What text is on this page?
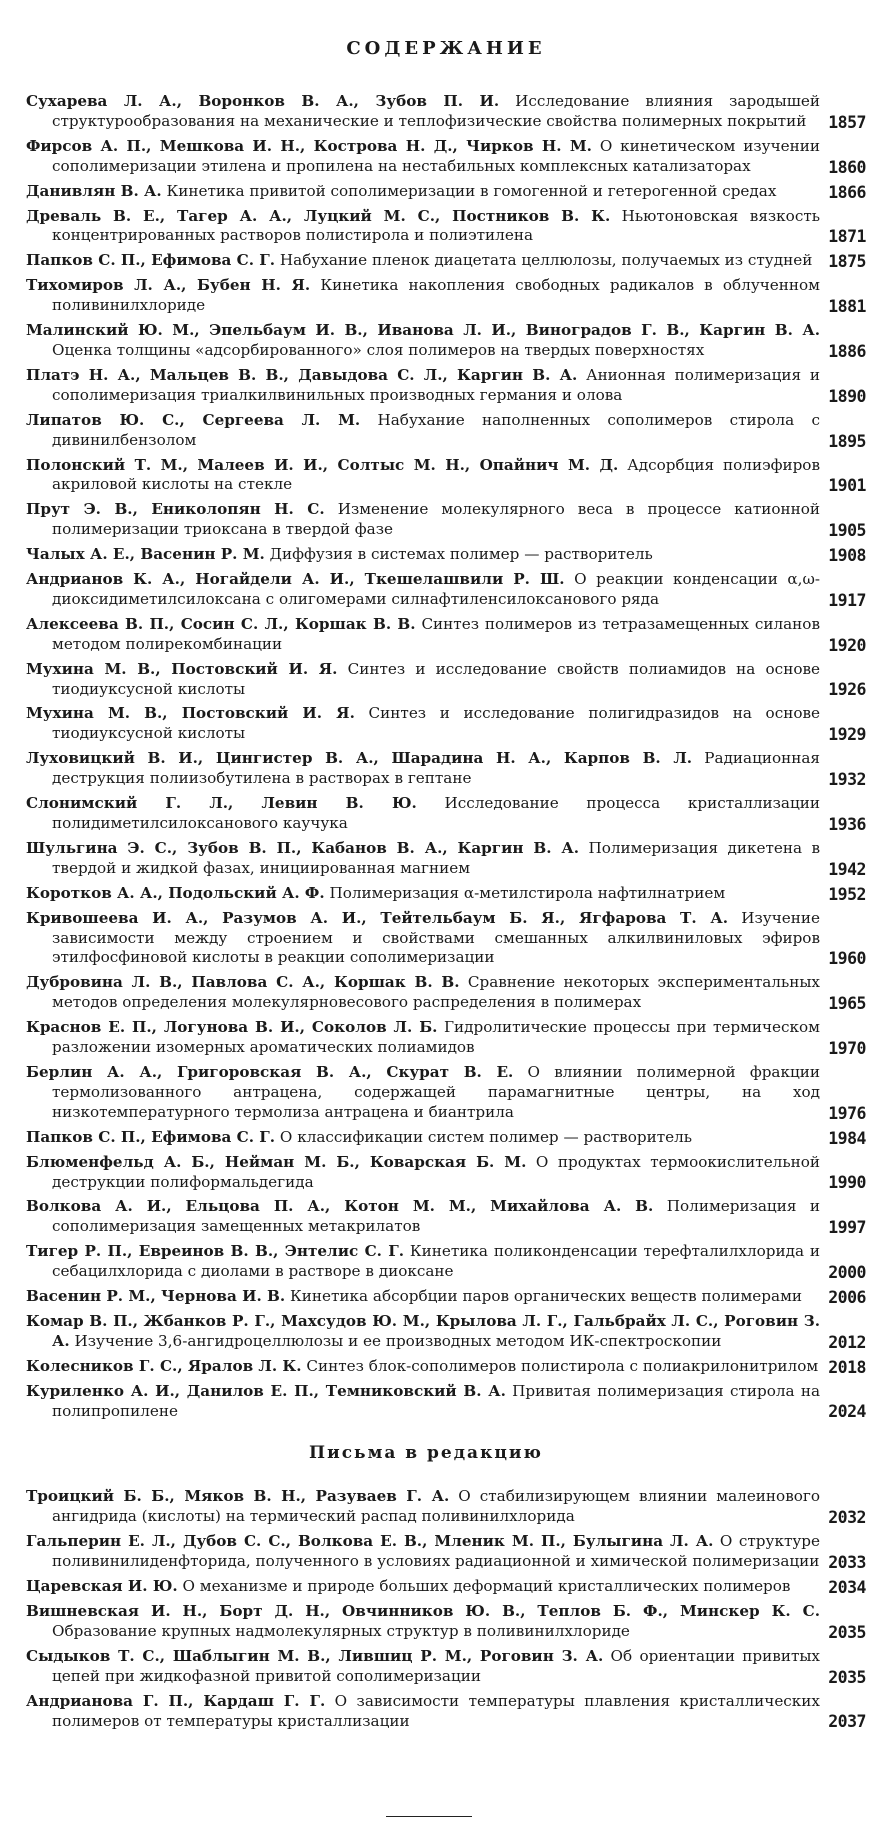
СОДЕРЖАНИЕ
Сухарева Л. А., Воронков В. А., Зубов П. И. Исследование влияния зародышей структурообразования на механические и теплофизические свойства полимерных покрытий	1857
Фирсов А. П., Мешкова И. Н., Кострова Н. Д., Чирков Н. М. О кинетическом изучении сополимеризации этилена и пропилена на нестабильных комплексных катализаторах	1860
Данивлян В. А. Кинетика привитой сополимеризации в гомогенной и гетерогенной средах	1866
Древаль В. Е., Тагер А. А., Луцкий М. С., Постников В. К. Ньютоновская вязкость концентрированных растворов полистирола и полиэтилена	1871
Папков С. П., Ефимова С. Г. Набухание пленок диацетата целлюлозы, получаемых из студней 1875
Тихомиров Л. А., Бубен Н. Я. Кинетика накопления свободных радикалов в облученном поливинилхлориде	1881
Малинский Ю. М., Эпельбаум И. В., Иванова Л. И., Виноградов Г. В., Каргин В. А. Оценка толщины «адсорбированного» слоя полимеров на твердых поверхностях	1886
Платэ Н. А., Мальцев В. В., Давыдова С. Л., Каргин В. А. Анионная полимеризация и сополимеризация триалкилвинильных производных германия и олова	1890
Липатов Ю. С., Сергеева Л. М. Набухание наполненных сополимеров стирола с дивинилбензолом	1895
Полонский Т. М., Малеев И. И., Солтыс М. Н., Опайнич М. Д. Адсорбция полиэфиров акриловой кислоты на стекле	1901
Прут Э. В., Ениколопян Н. С. Изменение молекулярного веса в процессе катионной полимеризации триоксана в твердой фазе	1905
Чалых А. Е., Васенин Р. М. Диффузия в системах полимер — растворитель	1908
Андрианов К. А., Ногайдели А. И., Ткешелашвили Р. Ш. О реакции конденсации α,ω-диоксидиметилсилоксана с олигомерами силнафтиленсилоксанового ряда	1917
Алексеева В. П., Сосин С. Л., Коршак В. В. Синтез полимеров из тетразамещенных силанов методом полирекомбинации	1920
Мухина М. В., Постовский И. Я. Синтез и исследование свойств полиамидов на основе тиодиуксусной кислоты	1926
Мухина М. В., Постовский И. Я. Синтез и исследование полигидразидов на основе тиодиуксусной кислоты	1929
Луховицкий В. И., Цингистер В. А., Шарадина Н. А., Карпов В. Л. Радиационная деструкция полиизобутилена в растворах в гептане	1932
Слонимский Г. Л., Левин В. Ю. Исследование процесса кристаллизации полидиметилсилоксанового каучука	1936
Шульгина Э. С., Зубов В. П., Кабанов В. А., Каргин В. А. Полимеризация дикетена в твердой и жидкой фазах, инициированная магнием	1942
Коротков А. А., Подольский А. Ф. Полимеризация α-метилстирола нафтилнатрием	1952
Кривошеева И. А., Разумов А. И., Тейтельбаум Б. Я., Ягфарова Т. А. Изучение зависимости между строением и свойствами смешанных алкилвиниловых эфиров этилфосфиновой кислоты в реакции сополимеризации	1960
Дубровина Л. В., Павлова С. А., Коршак В. В. Сравнение некоторых экспериментальных методов определения молекулярновесового распределения в полимерах	1965
Краснов Е. П., Логунова В. И., Соколов Л. Б. Гидролитические процессы при термическом разложении изомерных ароматических полиамидов	1970
Берлин А. А., Григоровская В. А., Скурат В. Е. О влиянии полимерной фракции термолизованного антрацена, содержащей парамагнитные центры, на ход низкотемпературного термолиза антрацена и биантрила	1976
Папков С. П., Ефимова С. Г. О классификации систем полимер — растворитель	1984
Блюменфельд А. Б., Нейман М. Б., Коварская Б. М. О продуктах термоокислительной деструкции полиформальдегида	1990
Волкова А. И., Ельцова П. А., Котон М. М., Михайлова А. В. Полимеризация и сополимеризация замещенных метакрилатов	1997
Тигер Р. П., Евреинов В. В., Энтелис С. Г. Кинетика поликонденсации терефталилхлорида и себацилхлорида с диолами в растворе в диоксане	2000
Васенин Р. М., Чернова И. В. Кинетика абсорбции паров органических веществ полимерами	2006
Комар В. П., Жбанков Р. Г., Махсудов Ю. М., Крылова Л. Г., Гальбрайх Л. С., Роговин З. А. Изучение 3,6-ангидроцеллюлозы и ее производных методом ИК-спектроскопии	2012
Колесников Г. С., Яралов Л. К. Синтез блок-сополимеров полистирола с полиакрилонитрилом 2018
Куриленко А. И., Данилов Е. П., Темниковский В. А. Привитая полимеризация стирола на полипропилене	2024
Письма в редакцию
Троицкий Б. Б., Мяков В. Н., Разуваев Г. А. О стабилизирующем влиянии малеинового ангидрида (кислоты) на термический распад поливинилхлорида	2032
Гальперин Е. Л., Дубов С. С., Волкова Е. В., Мленик М. П., Булыгина Л. А. О структуре поливинилиденфторида, полученного в условиях радиационной и химической полимеризации 2033
Царевская И. Ю. О механизме и природе больших деформаций кристаллических полимеров	2034
Вишневская И. Н., Борт Д. Н., Овчинников Ю. В., Теплов Б. Ф., Минскер К. С. Образование крупных надмолекулярных структур в поливинилхлориде	2035
Сыдыков Т. С., Шаблыгин М. В., Лившиц Р. М., Роговин З. А. Об ориентации привитых цепей при жидкофазной привитой сополимеризации	2035
Андрианова Г. П., Кардаш Г. Г. О зависимости температуры плавления кристаллических полимеров от температуры кристаллизации	2037
